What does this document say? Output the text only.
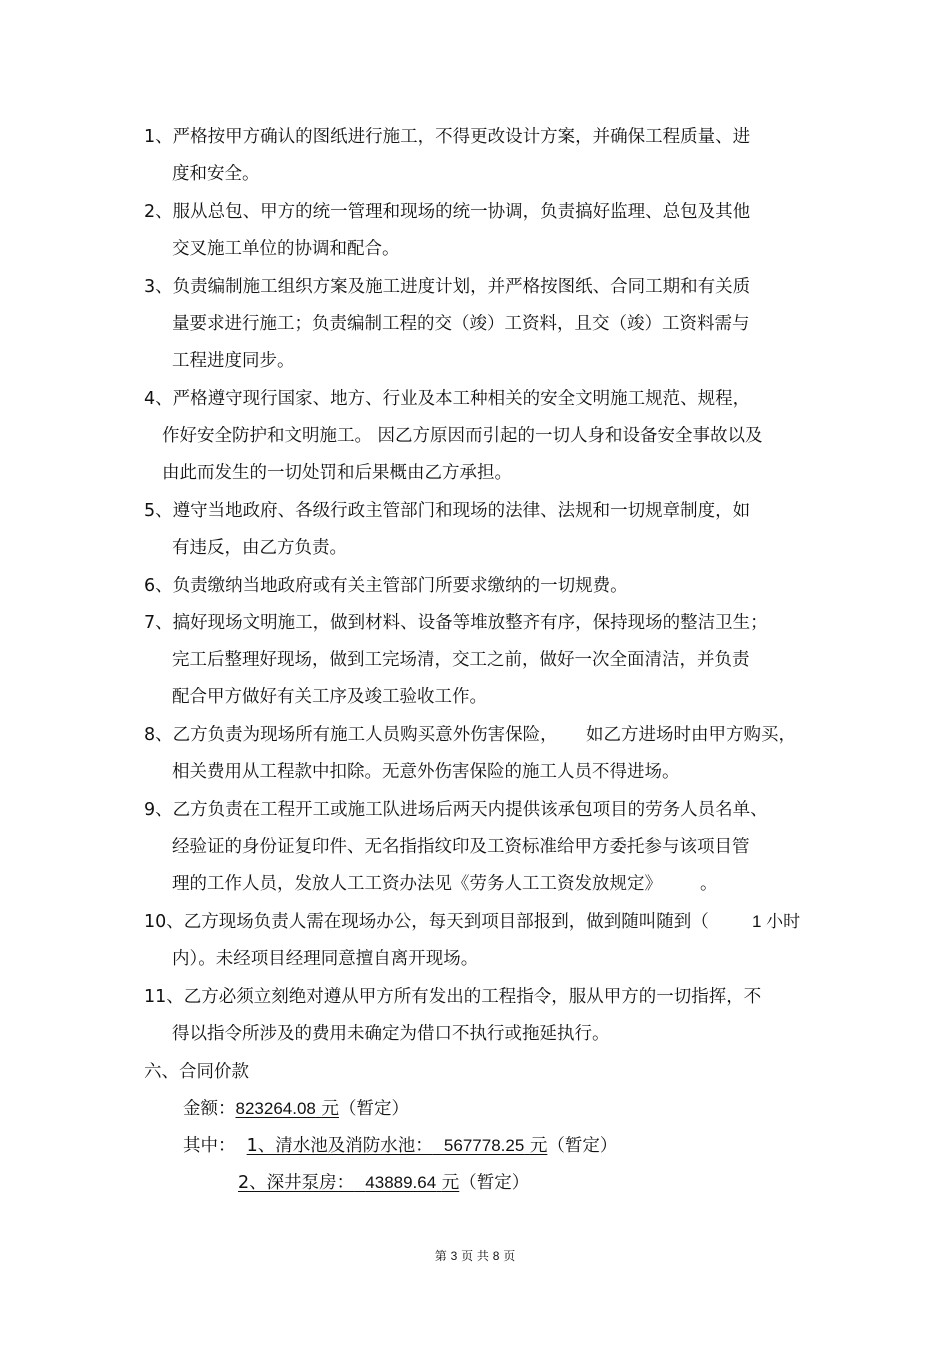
1、严格按甲方确认的图纸进行施工，不得更改设计方案，并确保工程质量、进
度和安全。
2、服从总包、甲方的统一管理和现场的统一协调，负责搞好监理、总包及其他
交叉施工单位的协调和配合。
3、负责编制施工组织方案及施工进度计划，并严格按图纸、合同工期和有关质
量要求进行施工；负责编制工程的交（竣）工资料，且交（竣）工资料需与
工程进度同步。
4、严格遵守现行国家、地方、行业及本工种相关的安全文明施工规范、规程，
作好安全防护和文明施工。 因乙方原因而引起的一切人身和设备安全事故以及
由此而发生的一切处罚和后果概由乙方承担。
5、遵守当地政府、各级行政主管部门和现场的法律、法规和一切规章制度，如
有违反，由乙方负责。
6、负责缴纳当地政府或有关主管部门所要求缴纳的一切规费。
7、搞好现场文明施工，做到材料、设备等堆放整齐有序，保持现场的整洁卫生；
完工后整理好现场，做到工完场清，交工之前，做好一次全面清洁，并负责
配合甲方做好有关工序及竣工验收工作。
8、乙方负责为现场所有施工人员购买意外伤害保险， 如乙方进场时由甲方购买，
相关费用从工程款中扣除。无意外伤害保险的施工人员不得进场。
9、乙方负责在工程开工或施工队进场后两天内提供该承包项目的劳务人员名单、
经验证的身份证复印件、无名指指纹印及工资标准给甲方委托参与该项目管
理的工作人员，发放人工工资办法见《劳务人工工资发放规定》 。
10、乙方现场负责人需在现场办公，每天到项目部报到，做到随叫随到（	1 小时
内）。未经项目经理同意擅自离开现场。
11、乙方必须立刻绝对遵从甲方所有发出的工程指令，服从甲方的一切指挥，不
得以指令所涉及的费用未确定为借口不执行或拖延执行。
六、合同价款
金额：823264.08 元（暂定）
其中： 1、清水池及消防水池： 567778.25 元（暂定）
2、深井泵房： 43889.64 元（暂定）
第 3 页 共 8 页
